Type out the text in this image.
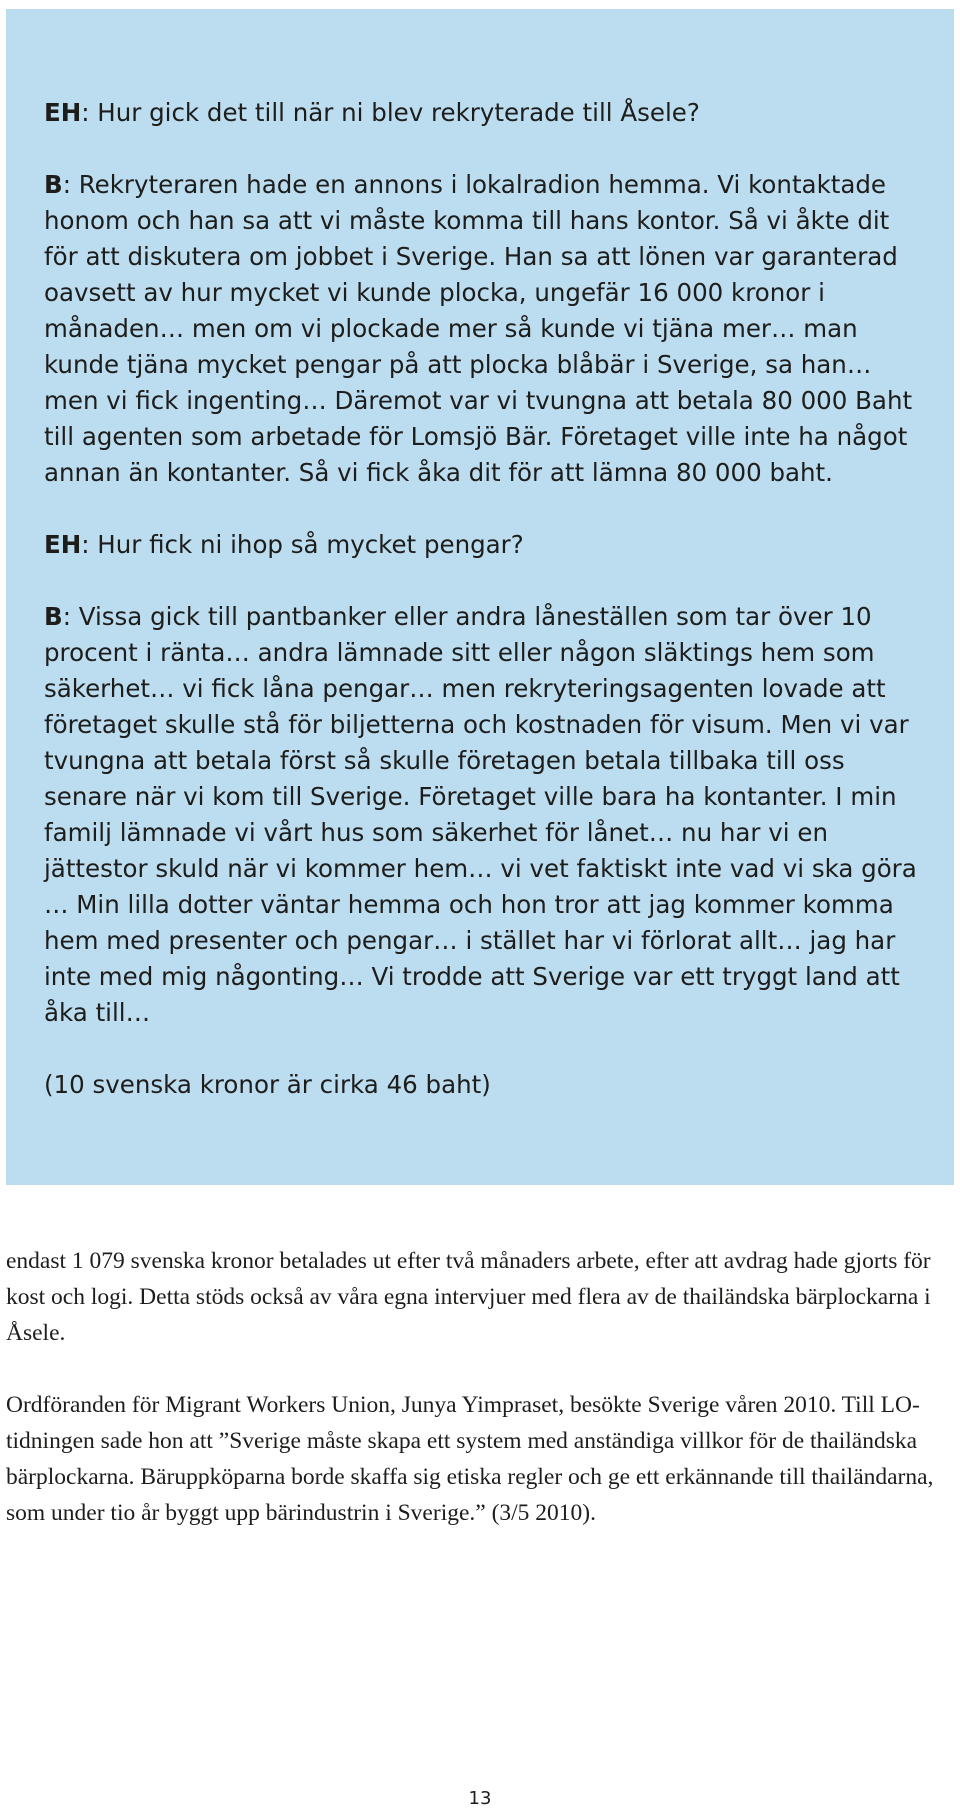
EH: Hur gick det till när ni blev rekryterade till Åsele?

B: Rekryteraren hade en annons i lokalradion hemma. Vi kontaktade honom och han sa att vi måste komma till hans kontor. Så vi åkte dit för att diskutera om jobbet i Sverige. Han sa att lönen var garanterad oavsett av hur mycket vi kunde plocka, ungefär 16 000 kronor i månaden… men om vi plockade mer så kunde vi tjäna mer… man kunde tjäna mycket pengar på att plocka blåbär i Sverige, sa han… men vi fick ingenting… Däremot var vi tvungna att betala 80 000 Baht till agenten som arbetade för Lomsjö Bär. Företaget ville inte ha något annan än kontanter. Så vi fick åka dit för att lämna 80 000 baht.

EH: Hur fick ni ihop så mycket pengar?

B: Vissa gick till pantbanker eller andra låneställen som tar över 10 procent i ränta… andra lämnade sitt eller någon släktings hem som säkerhet… vi fick låna pengar… men rekryteringsagenten lovade att företaget skulle stå för biljetterna och kostnaden för visum. Men vi var tvungna att betala först så skulle företagen betala tillbaka till oss senare när vi kom till Sverige. Företaget ville bara ha kontanter. I min familj lämnade vi vårt hus som säkerhet för lånet… nu har vi en jättestor skuld när vi kommer hem… vi vet faktiskt inte vad vi ska göra … Min lilla dotter väntar hemma och hon tror att jag kommer komma hem med presenter och pengar… i stället har vi förlorat allt… jag har inte med mig någonting… Vi trodde att Sverige var ett tryggt land att åka till…

(10 svenska kronor är cirka 46 baht)

endast 1 079 svenska kronor betalades ut efter två månaders arbete, efter att avdrag hade gjorts för kost och logi. Detta stöds också av våra egna intervjuer med flera av de thailändska bärplockarna i Åsele.

Ordföranden för Migrant Workers Union, Junya Yimpraset, besökte Sverige våren 2010. Till LO-tidningen sade hon att ”Sverige måste skapa ett system med anständiga villkor för de thailändska bärplockarna. Bäruppköparna borde skaffa sig etiska regler och ge ett erkännande till thailändarna, som under tio år byggt upp bärindustrin i Sverige.” (3/5 2010).

13
